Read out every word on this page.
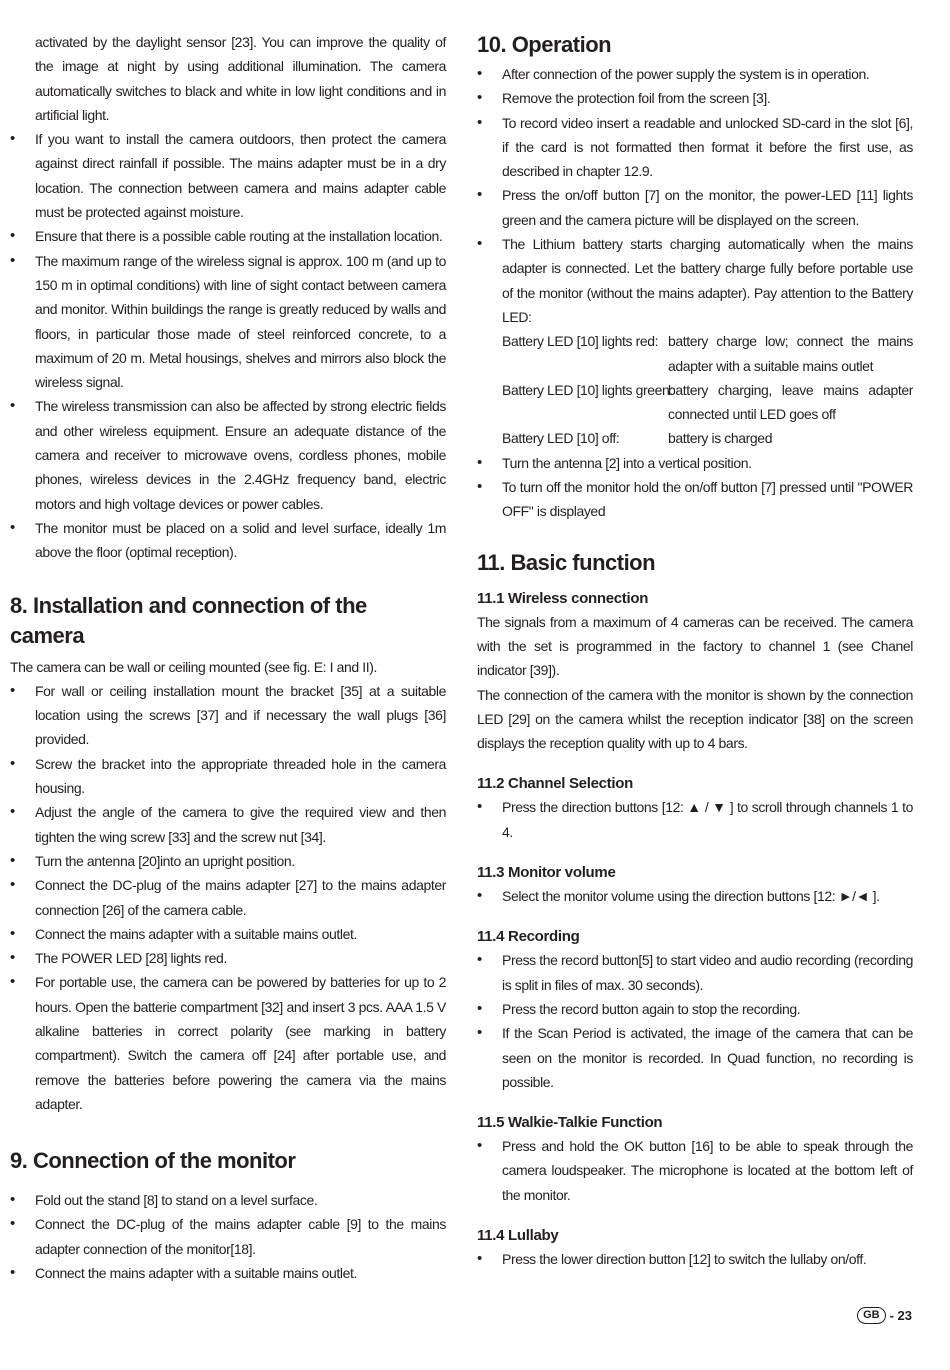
activated by the daylight sensor [23]. You can improve the quality of the image at night by using additional illumination. The camera automatically switches to black and white in low light conditions and in artificial light.

• If you want to install the camera outdoors, then protect the camera against direct rainfall if possible. The mains adapter must be in a dry location. The connection between camera and mains adapter cable must be protected against moisture.
• Ensure that there is a possible cable routing at the installation location.
• The maximum range of the wireless signal is approx. 100 m (and up to 150 m in optimal conditions) with line of sight contact between camera and monitor. Within buildings the range is greatly reduced by walls and floors, in particular those made of steel reinforced concrete, to a maximum of 20 m. Metal housings, shelves and mirrors also block the wireless signal.
• The wireless transmission can also be affected by strong electric fields and other wireless equipment. Ensure an adequate distance of the camera and receiver to microwave ovens, cordless phones, mobile phones, wireless devices in the 2.4GHz frequency band, electric motors and high voltage devices or power cables.
• The monitor must be placed on a solid and level surface, ideally 1m above the floor (optimal reception).
8. Installation and connection of the camera

The camera can be wall or ceiling mounted (see fig. E: I and II).

• For wall or ceiling installation mount the bracket [35] at a suitable location using the screws [37] and if necessary the wall plugs [36] provided.
• Screw the bracket into the appropriate threaded hole in the camera housing.
• Adjust the angle of the camera to give the required view and then tighten the wing screw [33] and the screw nut [34].
• Turn the antenna [20]into an upright position.
• Connect the DC-plug of the mains adapter [27] to the mains adapter connection [26] of the camera cable.
• Connect the mains adapter with a suitable mains outlet.
• The POWER LED [28] lights red.
• For portable use, the camera can be powered by batteries for up to 2 hours. Open the batterie compartment [32] and insert 3 pcs. AAA 1.5 V alkaline batteries in correct polarity (see marking in battery compartment). Switch the camera off [24] after portable use, and remove the batteries before powering the camera via the mains adapter.
9. Connection of the monitor
• Fold out the stand [8] to stand on a level surface.
• Connect the DC-plug of the mains adapter cable [9] to the mains adapter connection of the monitor[18].
• Connect the mains adapter with a suitable mains outlet.
10. Operation
• After connection of the power supply the system is in operation.
• Remove the protection foil from the screen [3].
• To record video insert a readable and unlocked SD-card in the slot [6], if the card is not formatted then format it before the first use, as described in chapter 12.9.
• Press the on/off button [7] on the monitor, the power-LED [11] lights green and the camera picture will be displayed on the screen.
• The Lithium battery starts charging automatically when the mains adapter is connected. Let the battery charge fully before portable use of the monitor (without the mains adapter). Pay attention to the Battery LED:
Battery LED [10] lights red: battery charge low; connect the mains adapter with a suitable mains outlet
Battery LED [10] lights green:
battery charging, leave mains adapter connected until LED goes off
Battery LED [10] off:	battery is charged
• Turn the antenna [2] into a vertical position.
• To turn off the monitor hold the on/off button [7] pressed until "POWER OFF" is displayed
11. Basic function
11.1 Wireless connection

The signals from a maximum of 4 cameras can be received. The camera with the set is programmed in the factory to channel 1 (see Chanel indicator [39]).

The connection of the camera with the monitor is shown by the connection LED [29] on the camera whilst the reception indicator [38] on the screen displays the reception quality with up to 4 bars.

11.2 Channel Selection
• Press the direction buttons [12: ▲ / ▼ ] to scroll through channels 1 to 4.
11.3 Monitor volume
• Select the monitor volume using the direction buttons [12: ►/◄ ].
11.4 Recording
• Press the record button[5] to start video and audio recording (recording is split in files of max. 30 seconds).
• Press the record button again to stop the recording.
• If the Scan Period is activated, the image of the camera that can be seen on the monitor is recorded. In Quad function, no recording is possible.
11.5 Walkie-Talkie Function
• Press and hold the OK button [16] to be able to speak through the camera loudspeaker. The microphone is located at the bottom left of the monitor.
11.4 Lullaby
• Press the lower direction button [12] to switch the lullaby on/off.
GB - 23
